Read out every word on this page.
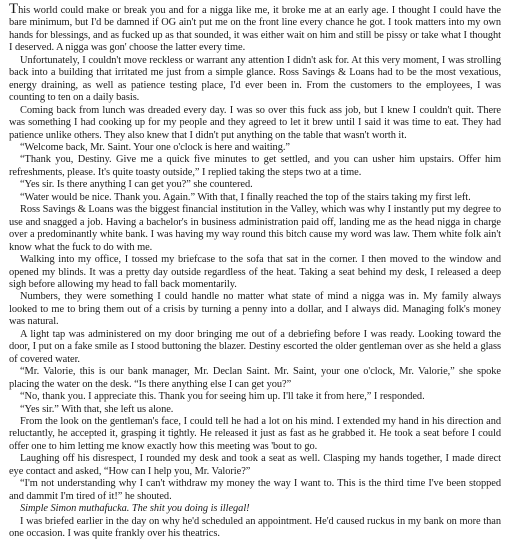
This world could make or break you and for a nigga like me, it broke me at an early age. I thought I could have the bare minimum, but I'd be damned if OG ain't put me on the front line every chance he got. I took matters into my own hands for blessings, and as fucked up as that sounded, it was either wait on him and still be pissy or take what I thought I deserved. A nigga was gon' choose the latter every time.

Unfortunately, I couldn't move reckless or warrant any attention I didn't ask for. At this very moment, I was strolling back into a building that irritated me just from a simple glance. Ross Savings & Loans had to be the most vexatious, energy draining, as well as patience testing place, I'd ever been in. From the customers to the employees, I was counting to ten on a daily basis.

Coming back from lunch was dreaded every day. I was so over this fuck ass job, but I knew I couldn't quit. There was something I had cooking up for my people and they agreed to let it brew until I said it was time to eat. They had patience unlike others. They also knew that I didn't put anything on the table that wasn't worth it.

“Welcome back, Mr. Saint. Your one o'clock is here and waiting.”

“Thank you, Destiny. Give me a quick five minutes to get settled, and you can usher him upstairs. Offer him refreshments, please. It's quite toasty outside,” I replied taking the steps two at a time.

“Yes sir. Is there anything I can get you?” she countered.

“Water would be nice. Thank you. Again.” With that, I finally reached the top of the stairs taking my first left.

Ross Savings & Loans was the biggest financial institution in the Valley, which was why I instantly put my degree to use and snagged a job. Having a bachelor's in business administration paid off, landing me as the head nigga in charge over a predominantly white bank. I was having my way round this bitch cause my word was law. Them white folk ain't know what the fuck to do with me.

Walking into my office, I tossed my briefcase to the sofa that sat in the corner. I then moved to the window and opened my blinds. It was a pretty day outside regardless of the heat. Taking a seat behind my desk, I released a deep sigh before allowing my head to fall back momentarily.

Numbers, they were something I could handle no matter what state of mind a nigga was in. My family always looked to me to bring them out of a crisis by turning a penny into a dollar, and I always did. Managing folk's money was natural.

A light tap was administered on my door bringing me out of a debriefing before I was ready. Looking toward the door, I put on a fake smile as I stood buttoning the blazer. Destiny escorted the older gentleman over as she held a glass of covered water.

“Mr. Valorie, this is our bank manager, Mr. Declan Saint. Mr. Saint, your one o'clock, Mr. Valorie,” she spoke placing the water on the desk. “Is there anything else I can get you?”

“No, thank you. I appreciate this. Thank you for seeing him up. I'll take it from here,” I responded.

“Yes sir.” With that, she left us alone.

From the look on the gentleman's face, I could tell he had a lot on his mind. I extended my hand in his direction and reluctantly, he accepted it, grasping it tightly. He released it just as fast as he grabbed it. He took a seat before I could offer one to him letting me know exactly how this meeting was 'bout to go.

Laughing off his disrespect, I rounded my desk and took a seat as well. Clasping my hands together, I made direct eye contact and asked, “How can I help you, Mr. Valorie?”

“I'm not understanding why I can't withdraw my money the way I want to. This is the third time I've been stopped and dammit I'm tired of it!” he shouted.

Simple Simon muthafucka. The shit you doing is illegal!

I was briefed earlier in the day on why he'd scheduled an appointment. He'd caused ruckus in my bank on more than one occasion. I was quite frankly over his theatrics.
